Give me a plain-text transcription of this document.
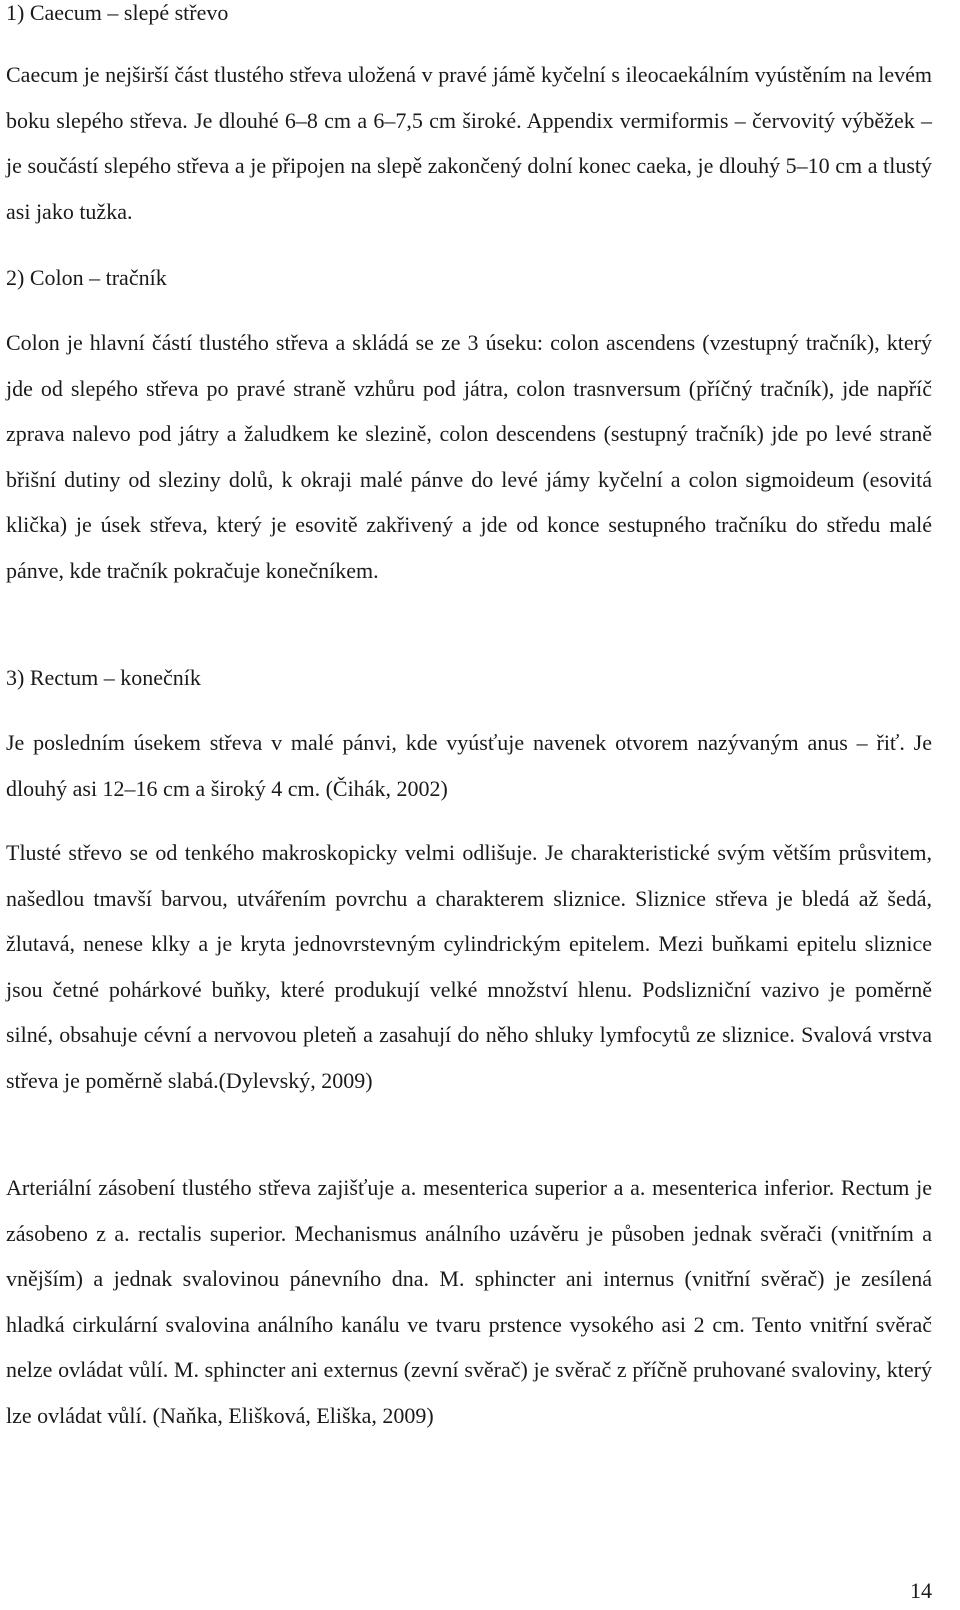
1) Caecum – slepé střevo
Caecum je nejširší část tlustého střeva uložená v pravé jámě kyčelní s ileocaekálním vyústěním na levém boku slepého střeva. Je dlouhé 6–8 cm a 6–7,5 cm široké. Appendix vermiformis – červovitý výběžek – je součástí slepého střeva a je připojen na slepě zakončený dolní konec caeka, je dlouhý 5–10 cm a tlustý asi jako tužka.
2) Colon – tračník
Colon je hlavní částí tlustého střeva a skládá se ze 3 úseku: colon ascendens (vzestupný tračník), který jde od slepého střeva po pravé straně vzhůru pod játra, colon trasnversum (příčný tračník), jde napříč zprava nalevo pod játry a žaludkem ke slezině, colon descendens (sestupný tračník) jde po levé straně břišní dutiny od sleziny dolů, k okraji malé pánve do levé jámy kyčelní a colon sigmoideum (esovitá klička) je úsek střeva, který je esovitě zakřivený a jde od konce sestupného tračníku do středu malé pánve, kde tračník pokračuje konečníkem.
3) Rectum – konečník
Je posledním úsekem střeva v malé pánvi, kde vyúsťuje navenek otvorem nazývaným anus – řiť. Je dlouhý asi 12–16 cm a široký 4 cm. (Čihák, 2002)
Tlusté střevo se od tenkého makroskopicky velmi odlišuje. Je charakteristické svým větším průsvitem, našedlou tmavší barvou, utvářením povrchu a charakterem sliznice. Sliznice střeva je bledá až šedá, žlutavá, nenese klky a je kryta jednovrstevným cylindrickým epitelem. Mezi buňkami epitelu sliznice jsou četné pohárkové buňky, které produkují velké množství hlenu. Podslizniční vazivo je poměrně silné, obsahuje cévní a nervovou pleteň a zasahují do něho shluky lymfocytů ze sliznice. Svalová vrstva střeva je poměrně slabá.(Dylevský, 2009)
Arteriální zásobení tlustého střeva zajišťuje a. mesenterica superior a a. mesenterica inferior. Rectum je zásobeno z a. rectalis superior. Mechanismus análního uzávěru je působen jednak svěrači (vnitřním a vnějším) a jednak svalovinou pánevního dna. M. sphincter ani internus (vnitřní svěrač) je zesílená hladká cirkulární svalovina análního kanálu ve tvaru prstence vysokého asi 2 cm. Tento vnitřní svěrač nelze ovládat vůlí. M. sphincter ani externus (zevní svěrač) je svěrač z příčně pruhované svaloviny, který lze ovládat vůlí. (Naňka, Elišková, Eliška, 2009)
14
